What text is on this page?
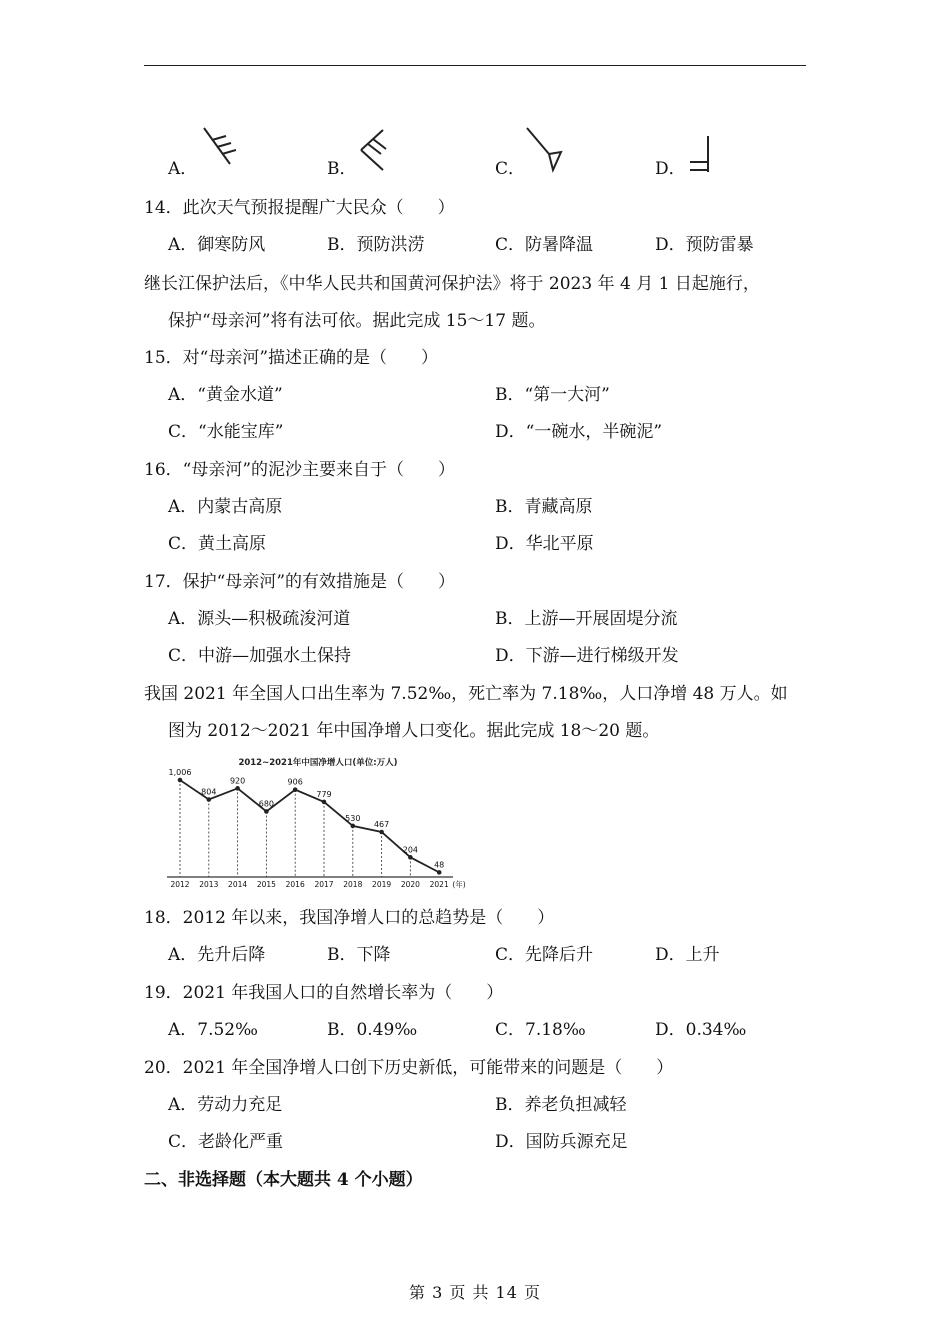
A．	B．	C．	D．
14．此次天气预报提醒广大民众（　　）
A．御寒防风	B．预防洪涝	C．防暑降温	D．预防雷暴
继长江保护法后，《中华人民共和国黄河保护法》将于 2023 年 4 月 1 日起施行，
保护“母亲河”将有法可依。据此完成 15～17 题。
15．对“母亲河”描述正确的是（　　）
A．“黄金水道”	B．“第一大河”
C．“水能宝库”	D．“一碗水，半碗泥”
16．“母亲河”的泥沙主要来自于（　　）
A．内蒙古高原	B．青藏高原
C．黄土高原	D．华北平原
17．保护“母亲河”的有效措施是（　　）
A．源头—积极疏浚河道	B．上游—开展固堤分流
C．中游—加强水土保持	D．下游—进行梯级开发
我国 2021 年全国人口出生率为 7.52‰，死亡率为 7.18‰，人口净增 48 万人。如
图为 2012～2021 年中国净增人口变化。据此完成 18～20 题。
2012~2021年中国净增人口(单位:万人)
1,006
2012
804
2013
920
2014
680
2015
906
2016
779
2017
530
2018
467
2019
204
2020
48
2021 (年)
18．2012 年以来，我国净增人口的总趋势是（　　）
A．先升后降	B．下降	C．先降后升	D．上升
19．2021 年我国人口的自然增长率为（　　）
A．7.52‰	B．0.49‰	C．7.18‰	D．0.34‰
20．2021 年全国净增人口创下历史新低，可能带来的问题是（　　）
A．劳动力充足	B．养老负担减轻
C．老龄化严重	D．国防兵源充足
二、非选择题（本大题共 4 个小题）
第 3 页 共 14 页
